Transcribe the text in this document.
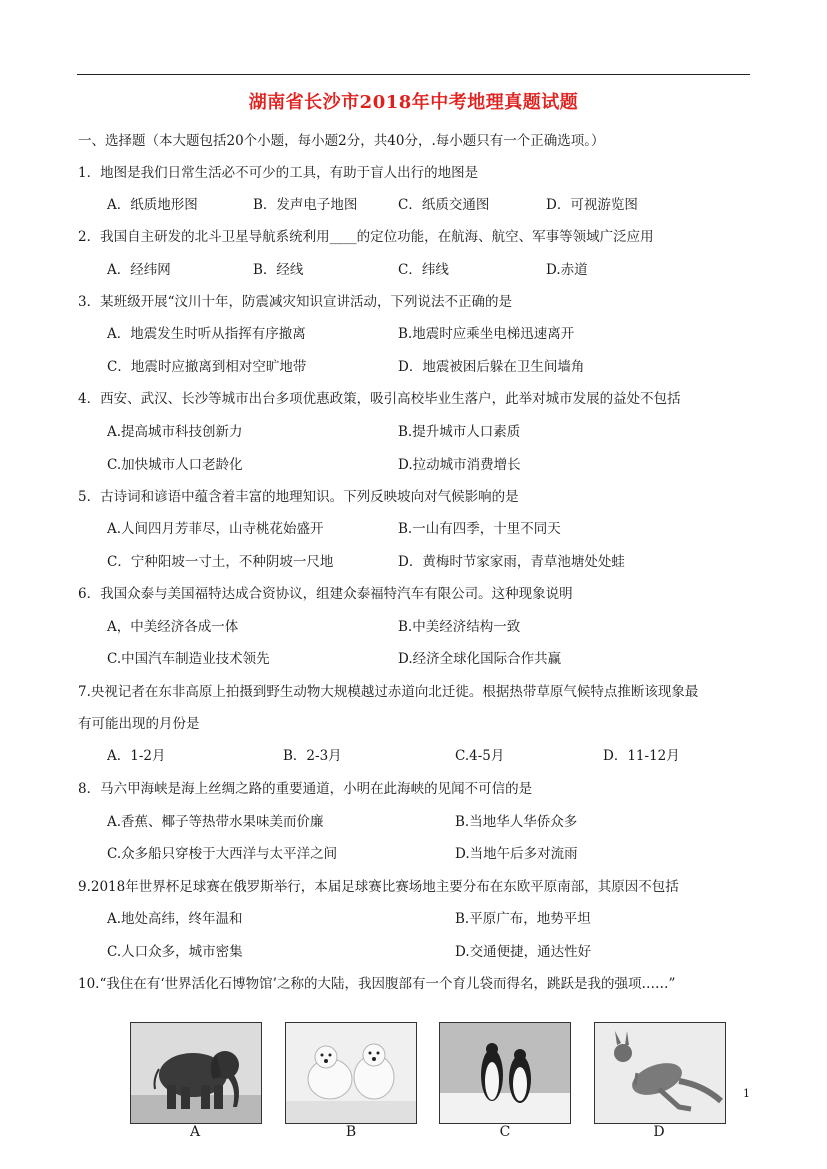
湖南省长沙市2018年中考地理真题试题
一、选择题（本大题包括20个小题，每小题2分，共40分，.每小题只有一个正确选项。）
1．地图是我们日常生活必不可少的工具，有助于盲人出行的地图是
A．纸质地形图	B．发声电子地图	C．纸质交通图	D．可视游览图
2．我国自主研发的北斗卫星导航系统利用____的定位功能，在航海、航空、军事等领域广泛应用
A．经纬网	B．经线	C．纬线	D.赤道
3．某班级开展“汶川十年，防震减灾知识宣讲活动，下列说法不正确的是
A．地震发生时听从指挥有序撤离	B.地震时应乘坐电梯迅速离开
C．地震时应撤离到相对空旷地带	D．地震被困后躲在卫生间墙角
4．西安、武汉、长沙等城市出台多项优惠政策，吸引高校毕业生落户，此举对城市发展的益处不包括
A.提高城市科技创新力	B.提升城市人口素质
C.加快城市人口老龄化	D.拉动城市消费增长
5．古诗词和谚语中蕴含着丰富的地理知识。下列反映坡向对气候影响的是
A.人间四月芳菲尽，山寺桃花始盛开	B.一山有四季，十里不同天
C．宁种阳坡一寸土，不种阴坡一尺地	D．黄梅时节家家雨，青草池塘处处蛙
6．我国众泰与美国福特达成合资协议，组建众泰福特汽车有限公司。这种现象说明
A，中美经济各成一体	B.中美经济结构一致
C.中国汽车制造业技术领先	D.经济全球化国际合作共赢
7.央视记者在东非高原上拍摄到野生动物大规模越过赤道向北迁徙。根据热带草原气候特点推断该现象最
有可能出现的月份是
A．1-2月	B．2-3月	C.4-5月	D．11-12月
8．马六甲海峡是海上丝绸之路的重要通道，小明在此海峡的见闻不可信的是
A.香蕉、椰子等热带水果味美而价廉	B.当地华人华侨众多
C.众多船只穿梭于大西洋与太平洋之间	D.当地午后多对流雨
9.2018年世界杯足球赛在俄罗斯举行，本届足球赛比赛场地主要分布在东欧平原南部，其原因不包括
A.地处高纬，终年温和	B.平原广布，地势平坦
C.人口众多，城市密集	D.交通便捷，通达性好
10.“我住在有‘世界活化石博物馆’之称的大陆，我因腹部有一个育儿袋而得名，跳跃是我的强项……”
A	B	C	D
1
